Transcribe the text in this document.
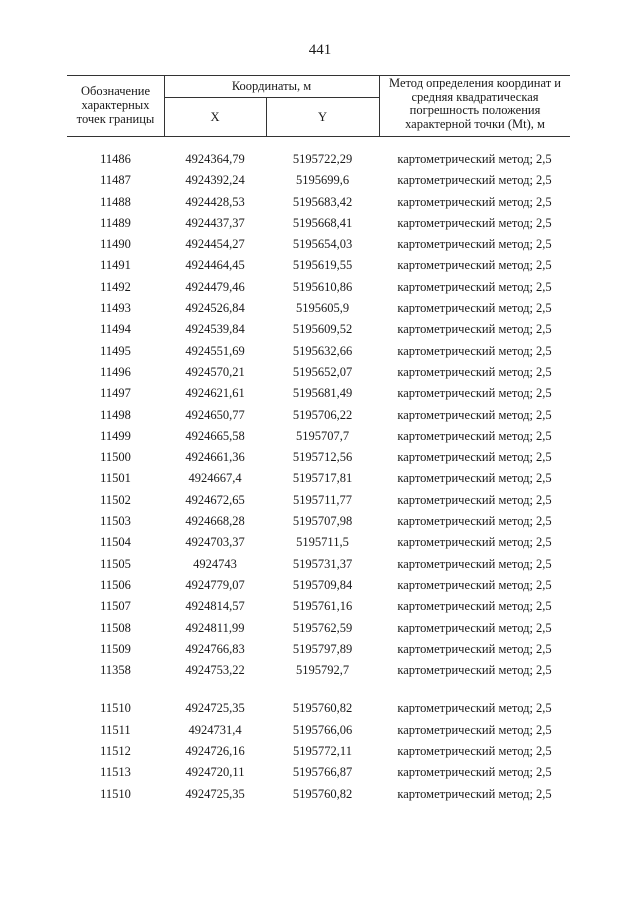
441
Обозначение характерных точек границы
Координаты, м
X	Y
Метод определения координат и средняя квадратическая погрешность положения характерной точки (Mt), м
11486	4924364,79	5195722,29	картометрический метод; 2,5
11487	4924392,24	5195699,6	картометрический метод; 2,5
11488	4924428,53	5195683,42	картометрический метод; 2,5
11489	4924437,37	5195668,41	картометрический метод; 2,5
11490	4924454,27	5195654,03	картометрический метод; 2,5
11491	4924464,45	5195619,55	картометрический метод; 2,5
11492	4924479,46	5195610,86	картометрический метод; 2,5
11493	4924526,84	5195605,9	картометрический метод; 2,5
11494	4924539,84	5195609,52	картометрический метод; 2,5
11495	4924551,69	5195632,66	картометрический метод; 2,5
11496	4924570,21	5195652,07	картометрический метод; 2,5
11497	4924621,61	5195681,49	картометрический метод; 2,5
11498	4924650,77	5195706,22	картометрический метод; 2,5
11499	4924665,58	5195707,7	картометрический метод; 2,5
11500	4924661,36	5195712,56	картометрический метод; 2,5
11501	4924667,4	5195717,81	картометрический метод; 2,5
11502	4924672,65	5195711,77	картометрический метод; 2,5
11503	4924668,28	5195707,98	картометрический метод; 2,5
11504	4924703,37	5195711,5	картометрический метод; 2,5
11505	4924743	5195731,37	картометрический метод; 2,5
11506	4924779,07	5195709,84	картометрический метод; 2,5
11507	4924814,57	5195761,16	картометрический метод; 2,5
11508	4924811,99	5195762,59	картометрический метод; 2,5
11509	4924766,83	5195797,89	картометрический метод; 2,5
11358	4924753,22	5195792,7	картометрический метод; 2,5
11510	4924725,35	5195760,82	картометрический метод; 2,5
11511	4924731,4	5195766,06	картометрический метод; 2,5
11512	4924726,16	5195772,11	картометрический метод; 2,5
11513	4924720,11	5195766,87	картометрический метод; 2,5
11510	4924725,35	5195760,82	картометрический метод; 2,5
